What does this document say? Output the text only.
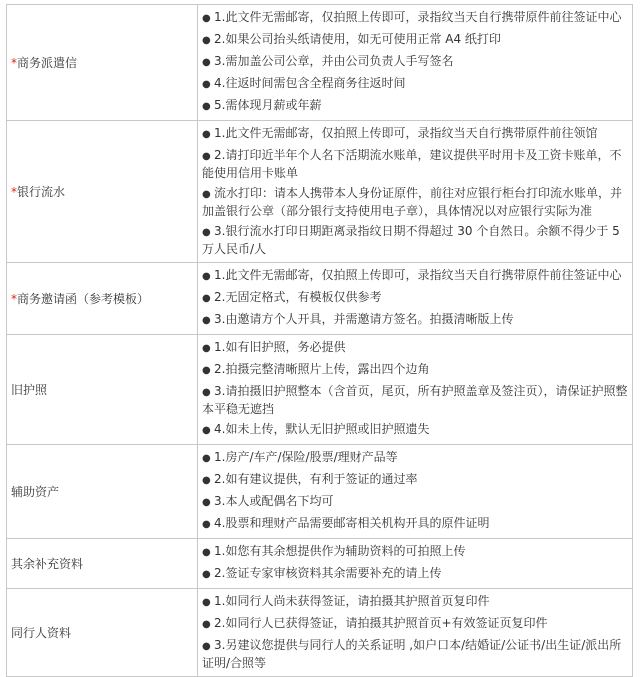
*商务派遣信	● 1.此文件无需邮寄，仅拍照上传即可，录指纹当天自行携带原件前往签证中心
● 2.如果公司抬头纸请使用，如无可使用正常 A4 纸打印
● 3.需加盖公司公章，并由公司负责人手写签名
● 4.往返时间需包含全程商务往返时间
● 5.需体现月薪或年薪

*银行流水	● 1.此文件无需邮寄，仅拍照上传即可，录指纹当天自行携带原件前往领馆
● 2.请打印近半年个人名下活期流水账单，建议提供平时用卡及工资卡账单，不能使用信用卡账单
● 流水打印：请本人携带本人身份证原件，前往对应银行柜台打印流水账单，并加盖银行公章（部分银行支持使用电子章），具体情况以对应银行实际为准
● 3.银行流水打印日期距离录指纹日期不得超过 30 个自然日。余额不得少于 5 万人民币/人

*商务邀请函（参考模板）	● 1.此文件无需邮寄，仅拍照上传即可，录指纹当天自行携带原件前往签证中心
● 2.无固定格式，有模板仅供参考
● 3.由邀请方个人开具，并需邀请方签名。拍摄清晰版上传

旧护照	● 1.如有旧护照，务必提供
● 2.拍摄完整清晰照片上传，露出四个边角
● 3.请拍摄旧护照整本（含首页，尾页，所有护照盖章及签注页），请保证护照整本平稳无遮挡
● 4.如未上传，默认无旧护照或旧护照遗失

辅助资产	● 1.房产/车产/保险/股票/理财产品等
● 2.如有建议提供，有利于签证的通过率
● 3.本人或配偶名下均可
● 4.股票和理财产品需要邮寄相关机构开具的原件证明

其余补充资料	● 1.如您有其余想提供作为辅助资料的可拍照上传
● 2.签证专家审核资料其余需要补充的请上传

同行人资料	● 1.如同行人尚未获得签证，请拍摄其护照首页复印件
● 2.如同行人已获得签证，请拍摄其护照首页+有效签证页复印件
● 3.另建议您提供与同行人的关系证明 ,如户口本/结婚证/公证书/出生证/派出所证明/合照等
